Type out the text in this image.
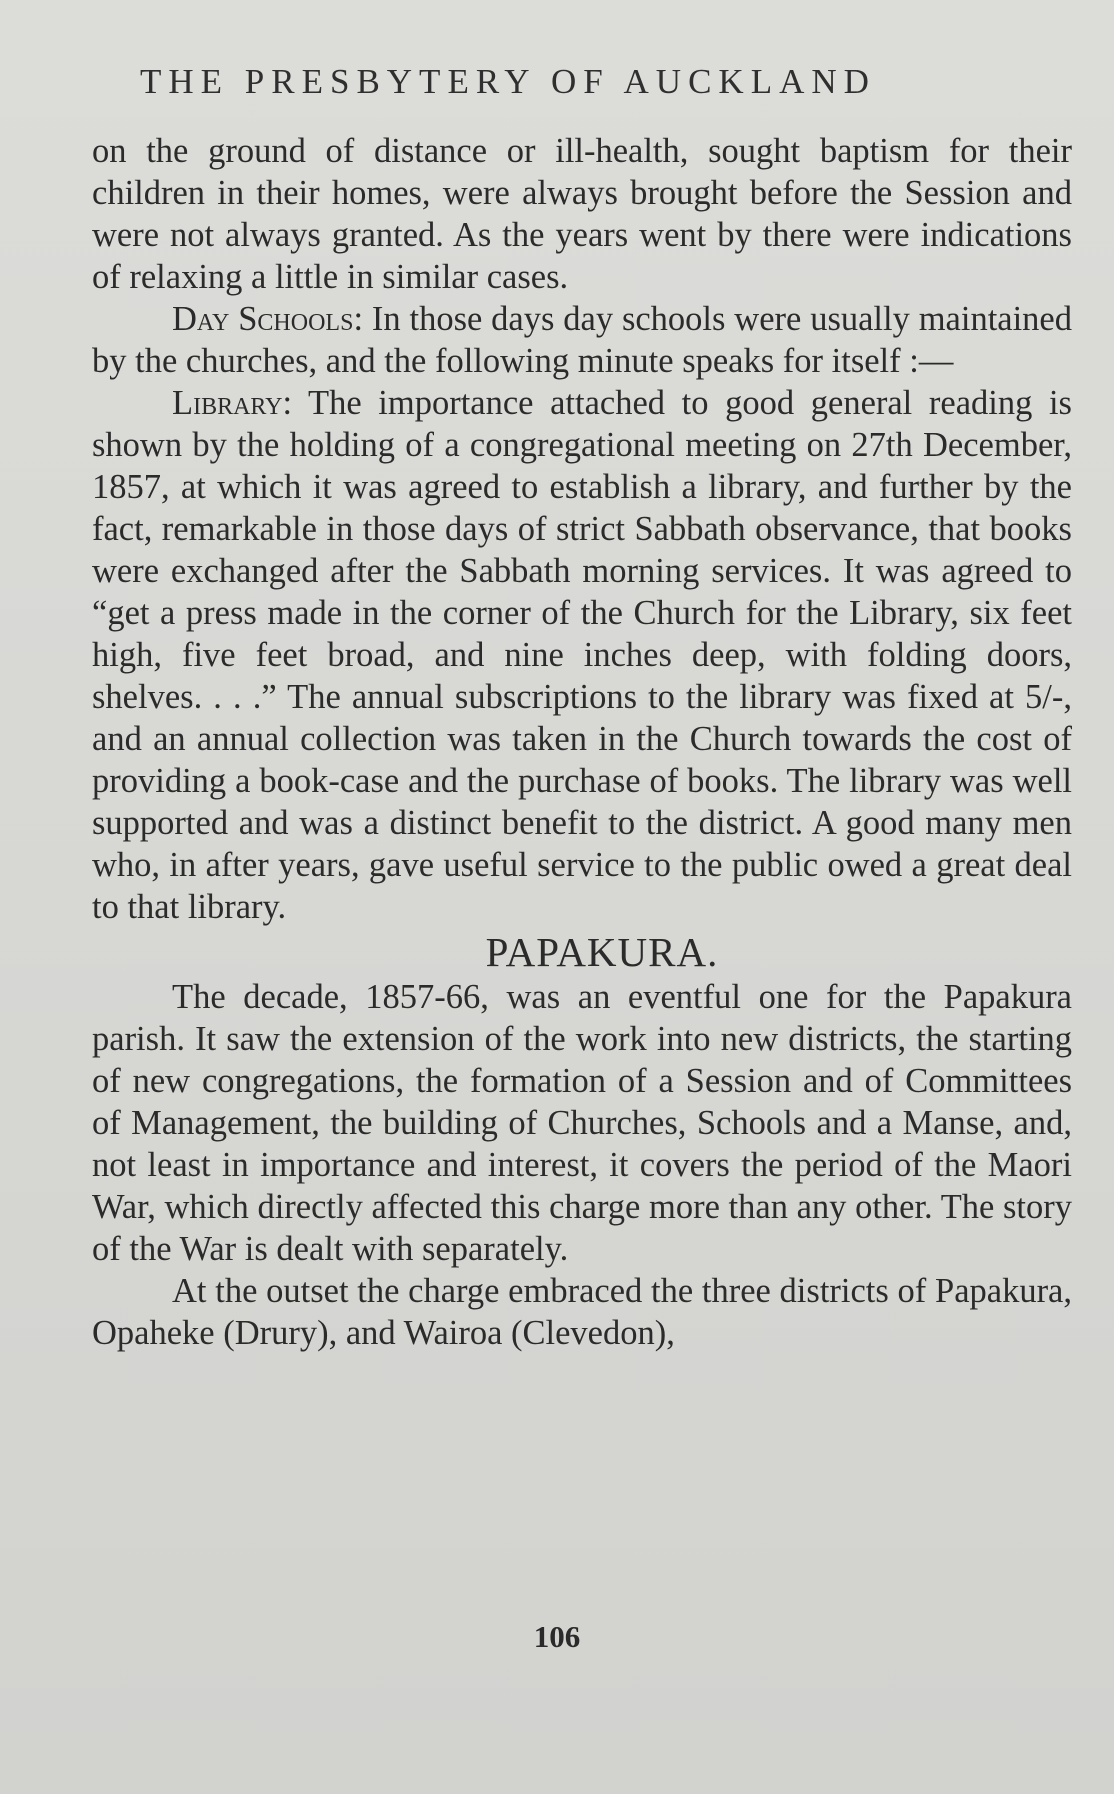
THE PRESBYTERY OF AUCKLAND

on the ground of distance or ill-health, sought baptism for their children in their homes, were always brought before the Session and were not always granted. As the years went by there were indications of relaxing a little in similar cases.

Day Schools: In those days day schools were usually maintained by the churches, and the following minute speaks for itself :—

Library: The importance attached to good general reading is shown by the holding of a congregational meeting on 27th December, 1857, at which it was agreed to establish a library, and further by the fact, remarkable in those days of strict Sabbath observance, that books were exchanged after the Sabbath morning services. It was agreed to “get a press made in the corner of the Church for the Library, six feet high, five feet broad, and nine inches deep, with folding doors, shelves. . . .” The annual subscriptions to the library was fixed at 5/-, and an annual collection was taken in the Church towards the cost of providing a book-case and the purchase of books. The library was well supported and was a distinct benefit to the district. A good many men who, in after years, gave useful service to the public owed a great deal to that library.

PAPAKURA.

The decade, 1857-66, was an eventful one for the Papakura parish. It saw the extension of the work into new districts, the starting of new congregations, the formation of a Session and of Committees of Management, the building of Churches, Schools and a Manse, and, not least in importance and interest, it covers the period of the Maori War, which directly affected this charge more than any other. The story of the War is dealt with separately.

At the outset the charge embraced the three districts of Papakura, Opaheke (Drury), and Wairoa (Clevedon),

106
